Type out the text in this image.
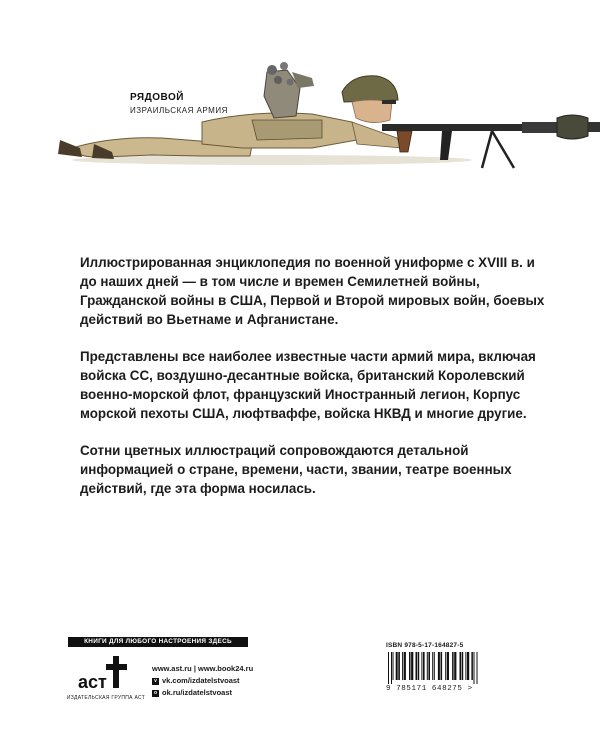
РЯДОВОЙ
ИЗРАИЛЬСКАЯ АРМИЯ

Иллюстрированная энциклопедия по военной униформе с XVIII в. и до наших дней — в том числе и времен Семилетней войны, Гражданской войны в США, Первой и Второй мировых войн, боевых действий во Вьетнаме и Афганистане.

Представлены все наиболее известные части армий мира, включая войска СС, воздушно-десантные войска, британский Королевский военно-морской флот, французский Иностранный легион, Корпус морской пехоты США, люфтваффе, войска НКВД и многие другие.

Сотни цветных иллюстраций сопровождаются детальной информацией о стране, времени, части, звании, театре военных действий, где эта форма носилась.

КНИГИ ДЛЯ ЛЮБОГО НАСТРОЕНИЯ ЗДЕСЬ
аст
ИЗДАТЕЛЬСКАЯ ГРУППА АСТ
www.ast.ru | www.book24.ru
v vk.com/izdatelstvoast
o ok.ru/izdatelstvoast
ISBN 978-5-17-164827-5
9 785171 648275 >
